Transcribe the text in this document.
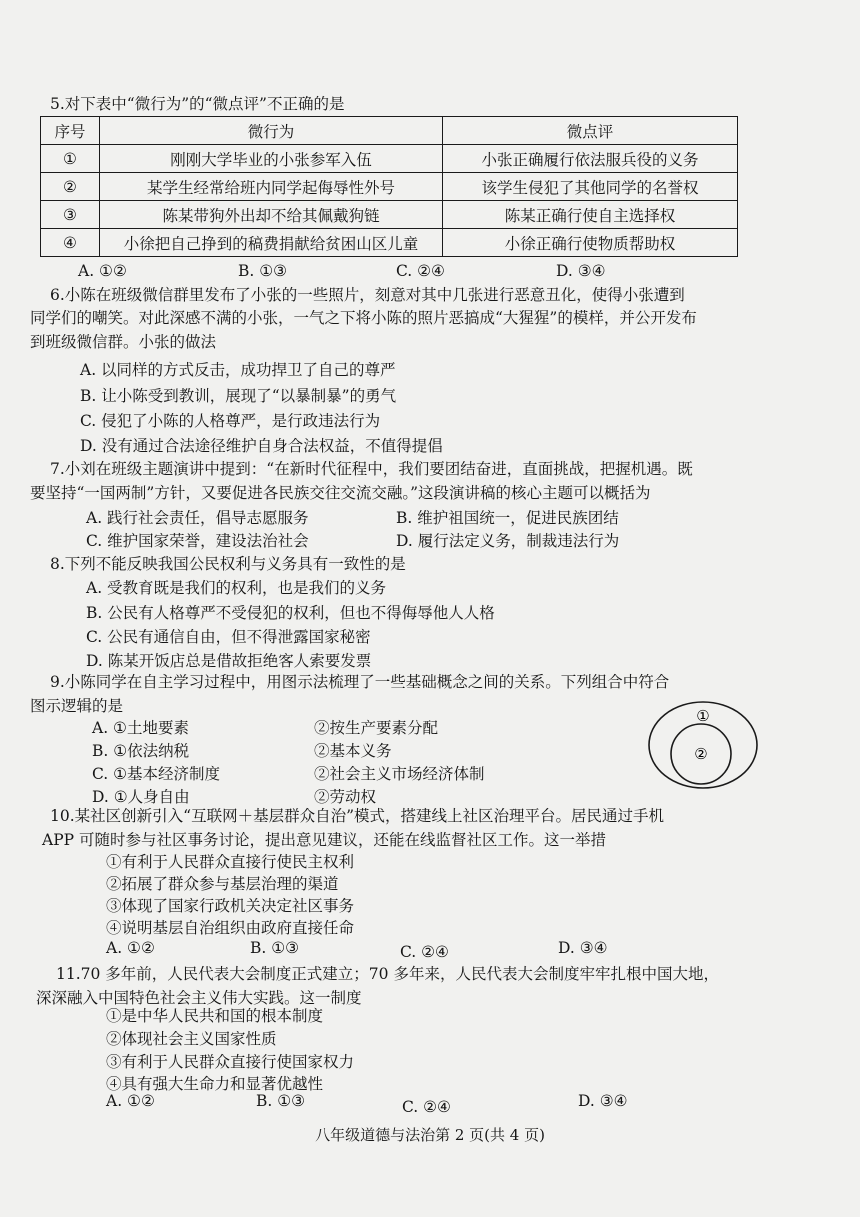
5.对下表中“微行为”的“微点评”不正确的是
序号	微行为	微点评
①	刚刚大学毕业的小张参军入伍	小张正确履行依法服兵役的义务
②	某学生经常给班内同学起侮辱性外号	该学生侵犯了其他同学的名誉权
③	陈某带狗外出却不给其佩戴狗链	陈某正确行使自主选择权
④	小徐把自己挣到的稿费捐献给贫困山区儿童	小徐正确行使物质帮助权
A. ①②	B. ①③	C. ②④	D. ③④
6.小陈在班级微信群里发布了小张的一些照片，刻意对其中几张进行恶意丑化，使得小张遭到
同学们的嘲笑。对此深感不满的小张，一气之下将小陈的照片恶搞成“大猩猩”的模样，并公开发布
到班级微信群。小张的做法
A. 以同样的方式反击，成功捍卫了自己的尊严
B. 让小陈受到教训，展现了“以暴制暴”的勇气
C. 侵犯了小陈的人格尊严，是行政违法行为
D. 没有通过合法途径维护自身合法权益，不值得提倡
7.小刘在班级主题演讲中提到：“在新时代征程中，我们要团结奋进，直面挑战，把握机遇。既
要坚持“一国两制”方针，又要促进各民族交往交流交融。”这段演讲稿的核心主题可以概括为
A. 践行社会责任，倡导志愿服务	B. 维护祖国统一，促进民族团结
C. 维护国家荣誉，建设法治社会	D. 履行法定义务，制裁违法行为
8.下列不能反映我国公民权利与义务具有一致性的是
A. 受教育既是我们的权利，也是我们的义务
B. 公民有人格尊严不受侵犯的权利，但也不得侮辱他人人格
C. 公民有通信自由，但不得泄露国家秘密
D. 陈某开饭店总是借故拒绝客人索要发票
9.小陈同学在自主学习过程中，用图示法梳理了一些基础概念之间的关系。下列组合中符合
图示逻辑的是
A. ①土地要素	②按生产要素分配
B. ①依法纳税	②基本义务
C. ①基本经济制度	②社会主义市场经济体制
D. ①人身自由	②劳动权
①
②
10.某社区创新引入“互联网＋基层群众自治”模式，搭建线上社区治理平台。居民通过手机
APP 可随时参与社区事务讨论，提出意见建议，还能在线监督社区工作。这一举措
①有利于人民群众直接行使民主权利
②拓展了群众参与基层治理的渠道
③体现了国家行政机关决定社区事务
④说明基层自治组织由政府直接任命
A. ①②	B. ①③	C. ②④	D. ③④
11.70 多年前，人民代表大会制度正式建立；70 多年来，人民代表大会制度牢牢扎根中国大地，
深深融入中国特色社会主义伟大实践。这一制度
①是中华人民共和国的根本制度
②体现社会主义国家性质
③有利于人民群众直接行使国家权力
④具有强大生命力和显著优越性
A. ①②	B. ①③	C. ②④	D. ③④
八年级道德与法治第 2 页(共 4 页)
